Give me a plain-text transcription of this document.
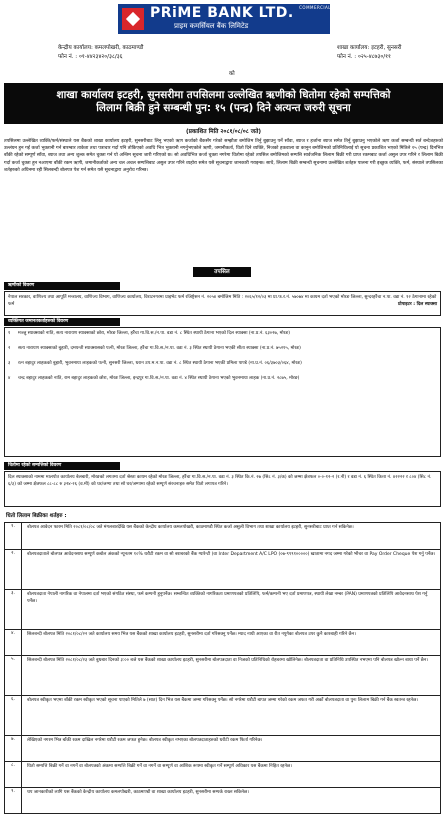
PRiME BANK LTD. $^{COMMERCIAL}$
प्राइम कमर्सियल बैंक लिमिटेड
केन्द्रीय कार्यालय: कमलपोखरी, काठमाण्डौ
फोन नं. : ०१-४४२३४२०/३८/३६
शाखा कार्यालय: इटहरी, सुनसरी
फोन नं. : ०२५-४८७३०/११
को
शाखा कार्यालय इटहरी, सुनसरीमा तपसिलमा उल्लेखित ऋणीको धितोमा रहेको सम्पत्तिको
लिलाम बिक्री हुने सम्बन्धी पुन: १५ (पन्द्र) दिने अत्यन्त जरुरी सूचना
(प्रकाशित मिति २०८१/०८/०८ जते)

तपसिलमा उल्लेखित व्यक्ति/फर्म/संस्थाले यस बैंकको शाखा कार्यालय इटहरी, सुनसरीबाट लिनु भएको ऋण कर्जाको बैंकसँग गरेको सम्झौता बमोजिम तिर्नु बुझाउनु पर्ने साँवा, ब्याज र हर्जाना ब्याज समेत तिर्नु बुझाउनु भएकोले ऋण कर्जा सम्बन्धी सर्त बन्देजहरुको उल्लंघन हुन गई कर्जा भुक्तानी गर्न बारम्बार ताकेता तथा पत्राचार गर्दा पनि तोकिएको अवधि भित्र भुक्तानी नगर्नुभएकोले ऋणी, जमानीकर्ता, धितो दिने व्यक्ति, निजको हकवाला वा कानुन बमोजिमको प्रतिनिधिलाई यो सूचना प्रकाशित भएको मितिले १५ (पन्द्र) दिनभित्र बाँकी रहेको सम्पूर्ण साँवा, ब्याज तथा अन्य शुल्क समेत चुक्ता गर्न यो अन्तिम सूचना जारी गरिएको छ। सो अवधिभित्र कर्जा चुक्ता नगरेमा धितोमा रहेको तपसिल बमोजिमको सम्पत्ति सार्वजनिक लिलाम बिक्री गरी प्राप्त रकमबाट कर्जा असुल उपर गरिने र लिलाम बिक्री गर्दा कर्जा चुक्ता हुन नआएमा बाँकी रकम ऋणी, जमानीकर्ताको अन्य चल अचल सम्पत्तिबाट असुल उपर गरिने व्यहोरा समेत यसै सूचनाद्वारा जानकारी गराइन्छ। साथै, लिलाम बिक्री सम्बन्धी सूचनामा उल्लेखित शर्तहरु पालना गरी इच्छुक व्यक्ति, फर्म, संस्थाले तपसिलका शर्तहरुको अधिनमा रही सिलबन्दी बोलपत्र पेश गर्न समेत यसै सूचनाद्वारा अनुरोध गरिन्छ।

तपसिल
ऋणीको विवरण
नेपाल सरकार, वाणिज्य तथा आपूर्ति मन्त्रालय, वाणिज्य विभाग, वाणिज्य कार्यालय, विराटनगरमा प्राइभेट फर्म रजिष्ट्रेसन नं. २०५४ बमोजिम मिति : २०६५/१२/०३ मा प्रा.फ.र.नं. ५७०७४ मा कायम दर्ता भएको मोरङ जिल्ला, सुन्दरहरैंचा न.पा. वडा नं. १२ ठेगानामा रहेको फर्म	प्रोपाइटर : दिल स्याक्सा
व्यक्तिगत जमानतकर्ताहरुको विवरण
१ मञ्जु स्याक्साको नाति, सत्य नारायण स्याक्साको छोरा, मोरङ जिल्ला, हरैंचा गा.वि.स./न.पा. वडा नं. ८ स्थित स्थायी ठेगाना भएको दिल स्याक्सा (ना.प्र.नं. ६३०२७, मोरङ)
२ सत्य नारायण स्याक्साको बुहारी, दमयन्ती स्याक्सासको पत्नी, मोरङ जिल्ला, हरैंचा गा.वि.स./न.पा. वडा नं. ३ स्थित स्थायी ठेगाना भएकी सीता स्याक्सा (ना.प्र.नं. ७५२१५, मोरङ)
३ रत्न बहादुर लाहकको बुहारी, भुवनमाया लाहकको पत्नी, सुनसरी जिल्ला, धरान उप.म.न.पा. वडा नं. ८ स्थित स्थायी ठेगाना भएकी प्रमिला पाण्डे (ना.प्र.नं. ०६/३७०३/०६४, मोरङ)
४ चन्द्र बहादुर लाहकको नाति, राम बहादुर लाहकको छोरा, मोरङ जिल्ला, इन्द्रपुर गा.वि.स./न.पा. वडा नं. ४ स्थित स्थायी ठेगाना भएको भुवनमाया लाहक (ना.प्र.नं. २८७५, मोरङ)
धितोमा रहेको सम्पत्तिको विवरण
दिल स्याक्साको नाममा मालपोत कार्यालय बेलबारी, मोरङको लगतमा दर्ता श्रेस्ता कायम रहेको मोरङ जिल्ला, हरैंचा गा.वि.स./न.पा. वडा नं. ३ स्थित कि.नं. २७ (सि८ नं. ३/क) को जम्मा क्षेत्रफल ०-०-१२-२ (र.नी) र वडा नं. ६ स्थित कित्ता नं. ४२२२२ र ८०४ (सि८ नं. ६/३) को जम्मा क्षेत्रफल ८८-८८ रु ३२४-२६ (व.मी) को घर/जग्गा तथा सो घर/जग्गामा रहेको सम्पूर्ण संरचनाहरु समेत धितो लगापत्र गरिने।
धितो लिलाम बिक्रीका शर्तहरु :
१.	बोलपत्र आवेदन फारम मिति २०८१/०८/०८ जते मंगलबारदेखि यस बैंकको केन्द्रीय कार्यालय कमलपोखरी, काठमाण्डौ स्थित कर्जा असुली विभाग तथा शाखा कार्यालय इटहरी, सुनसरीबाट प्राप्त गर्न सकिनेछ।
२.	बोलपत्रदाताले बोलपत्र आवेदनसाथ सम्पूर्ण कबोल अंकको न्यूनतम १०% धरौटी रकम वा सो बराबरको बैंक ग्यारेन्टी (वा Inter Department A/C LPO (०७-९९९१०००००) खातामा नगद जम्मा गरेको भौचर वा Pay Order Cheque पेश गर्नु पर्नेछ।
३.	बोलपत्रदाता नेपाली नागरिक वा नेपालमा दर्ता भएको संगठित संस्था, फर्म कम्पनी हुनुपर्नेछ। सम्बन्धित व्यक्तिको नागरिकता प्रमाणपत्रको प्रतिलिपि, फर्म/कम्पनी भए दर्ता प्रमाणपत्र, स्थायी लेखा नम्बर (PAN) प्रमाणपत्रको प्रतिलिपि आवेदनसाथ पेश गर्नु पर्नेछ।
४.	सिलबन्दी बोलपत्र मिति २०८१/०८/२२ जते कार्यालय समय भित्र यस बैंकको शाखा कार्यालय इटहरी, सुनसरीमा दर्ता गरिसक्नु पर्नेछ। म्याद नाघी आएका वा रीत नपुगेका बोलपत्र उपर कुनै कारबाही गरिने छैन।
५.	सिलबन्दी बोलपत्र मिति २०८१/०८/२३ जते बुधबार दिनको ३:०० बजे यस बैंकको शाखा कार्यालय इटहरी, सुनसरीमा बोलपत्रदाता वा निजको प्रतिनिधिको रोहबरमा खोलिनेछ। बोलपत्रदाता वा प्रतिनिधि उपस्थित नभएमा पनि बोलपत्र खोल्न बाधा पर्ने छैन।
६.	बोलपत्र स्वीकृत भएमा बाँकी रकम स्वीकृत भएको सूचना पाएको मितिले ७ (सात) दिन भित्र यस बैंकमा जम्मा गरिसक्नु पर्नेछ। सो नगरेमा धरौटी बापत जम्मा गरेको रकम जफत गरी अर्को बोलपत्रदाता वा पुनः लिलाम बिक्री गर्न बैंक स्वतन्त्र रहनेछ।
७.	लेखिएको नगरम भित्र बाँकी रकम दाखिल नगरेमा धरौटी रकम जफत हुनेछ। बोलपत्र स्वीकृत नभएका बोलपत्रदाताहरुको धरौटी रकम फिर्ता गरिनेछ।
८.	धितो सम्पत्ति बिक्री गर्ने वा नगर्ने वा बोलपत्रको अंकमा सम्पत्ति बिक्री गर्ने वा नगर्ने वा सम्पूर्ण वा आंशिक रूपमा स्वीकृत गर्ने सम्पूर्ण अधिकार यस बैंकमा निहित रहनेछ।
९.	थप जानकारीको लागि यस बैंकको केन्द्रीय कार्यालय कमलपोखरी, काठमाण्डौ वा शाखा कार्यालय इटहरी, सुनसरीमा सम्पर्क राख्न सकिनेछ।
